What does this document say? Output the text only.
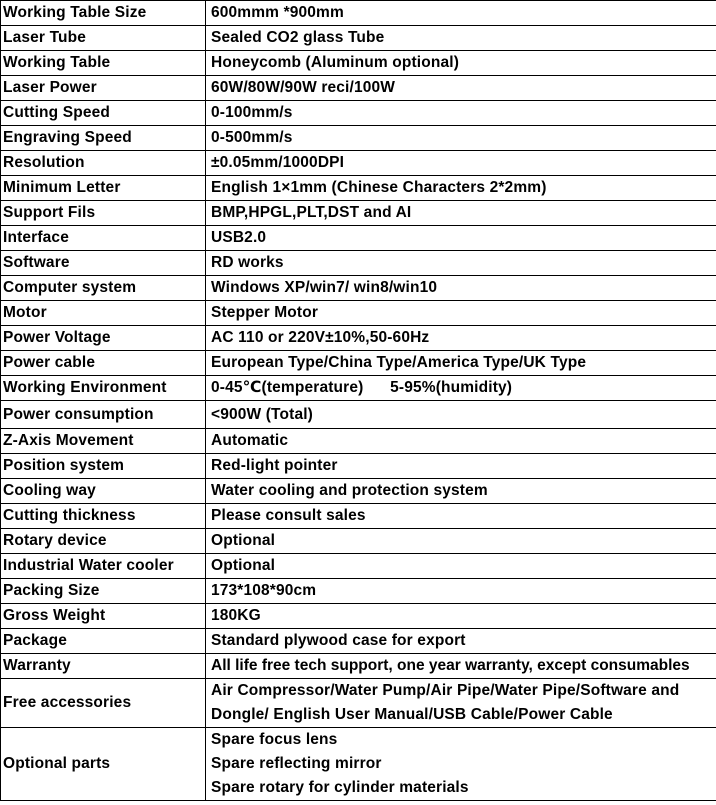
Working Table Size	600mmm *900mm
Laser Tube	Sealed CO2 glass Tube
Working Table	Honeycomb (Aluminum optional)
Laser Power	60W/80W/90W reci/100W
Cutting Speed	0-100mm/s
Engraving Speed	0-500mm/s
Resolution	±0.05mm/1000DPI
Minimum Letter	English 1×1mm (Chinese Characters 2*2mm)
Support Fils	BMP,HPGL,PLT,DST and AI
Interface	USB2.0
Software	RD works
Computer system	Windows XP/win7/ win8/win10
Motor	Stepper Motor
Power Voltage	AC 110 or 220V±10%,50-60Hz
Power cable	European Type/China Type/America Type/UK Type
Working Environment	0-45℃(temperature)      5-95%(humidity)
Power consumption	<900W (Total)
Z-Axis Movement	Automatic
Position system	Red-light pointer
Cooling way	Water cooling and protection system
Cutting thickness	Please consult sales
Rotary device	Optional
Industrial Water cooler	Optional
Packing Size	173*108*90cm
Gross Weight	180KG
Package	Standard plywood case for export
Warranty	All life free tech support, one year warranty, except consumables
Free accessories	Air Compressor/Water Pump/Air Pipe/Water Pipe/Software and
Dongle/ English User Manual/USB Cable/Power Cable

Optional parts	Spare focus lens
Spare reflecting mirror
Spare rotary for cylinder materials
